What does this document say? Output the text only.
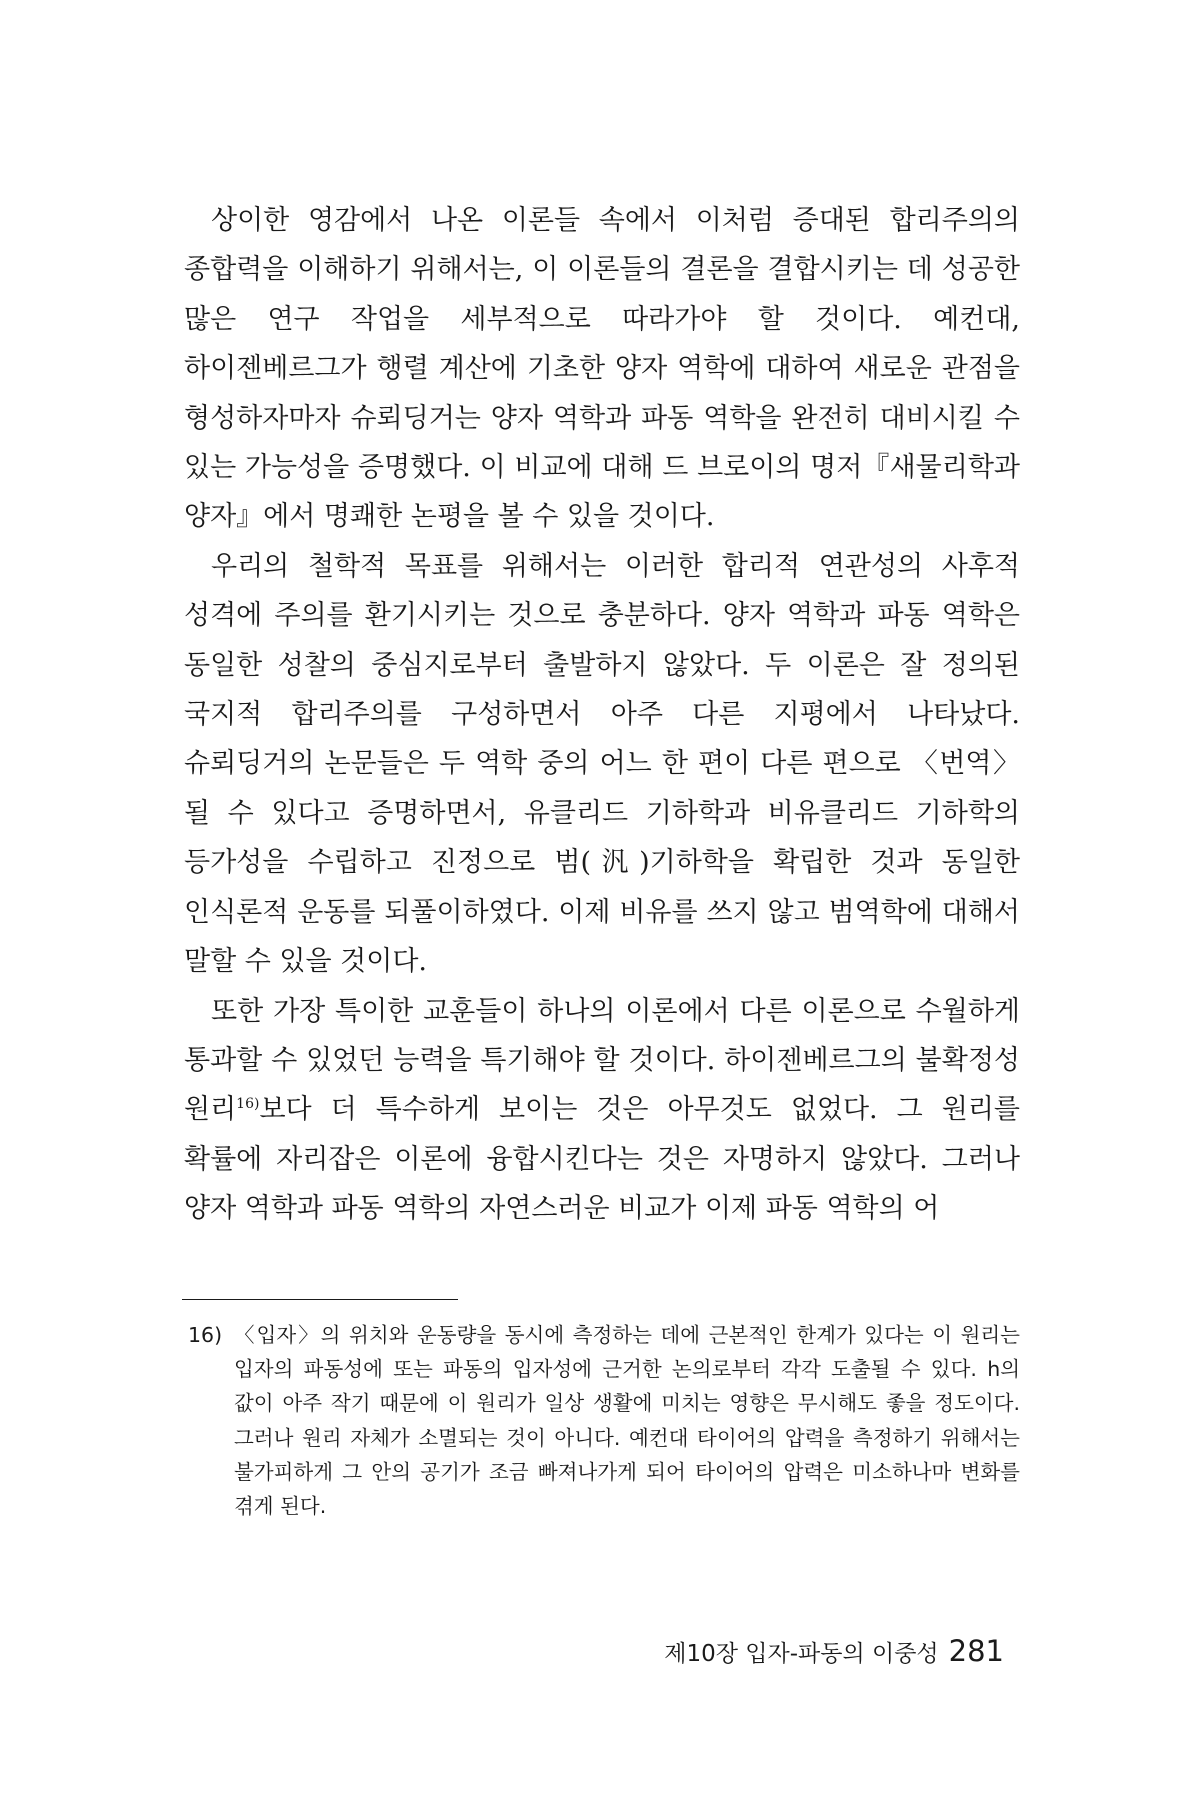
상이한 영감에서 나온 이론들 속에서 이처럼 증대된 합리주의의 종합력을 이해하기 위해서는, 이 이론들의 결론을 결합시키는 데 성공한 많은 연구 작업을 세부적으로 따라가야 할 것이다. 예컨대, 하이젠베르그가 행렬 계산에 기초한 양자 역학에 대하여 새로운 관점을 형성하자마자 슈뢰딩거는 양자 역학과 파동 역학을 완전히 대비시킬 수 있는 가능성을 증명했다. 이 비교에 대해 드 브로이의 명저『새물리학과 양자』에서 명쾌한 논평을 볼 수 있을 것이다.

우리의 철학적 목표를 위해서는 이러한 합리적 연관성의 사후적 성격에 주의를 환기시키는 것으로 충분하다. 양자 역학과 파동 역학은 동일한 성찰의 중심지로부터 출발하지 않았다. 두 이론은 잘 정의된 국지적 합리주의를 구성하면서 아주 다른 지평에서 나타났다. 슈뢰딩거의 논문들은 두 역학 중의 어느 한 편이 다른 편으로 〈번역〉될 수 있다고 증명하면서, 유클리드 기하학과 비유클리드 기하학의 등가성을 수립하고 진정으로 범(汎)기하학을 확립한 것과 동일한 인식론적 운동를 되풀이하였다. 이제 비유를 쓰지 않고 범역학에 대해서 말할 수 있을 것이다.

또한 가장 특이한 교훈들이 하나의 이론에서 다른 이론으로 수월하게 통과할 수 있었던 능력을 특기해야 할 것이다. 하이젠베르그의 불확정성 원리$^{16)}$보다 더 특수하게 보이는 것은 아무것도 없었다. 그 원리를 확률에 자리잡은 이론에 융합시킨다는 것은 자명하지 않았다. 그러나 양자 역학과 파동 역학의 자연스러운 비교가 이제 파동 역학의 어

16) 〈입자〉의 위치와 운동량을 동시에 측정하는 데에 근본적인 한계가 있다는 이 원리는 입자의 파동성에 또는 파동의 입자성에 근거한 논의로부터 각각 도출될 수 있다. h의 값이 아주 작기 때문에 이 원리가 일상 생활에 미치는 영향은 무시해도 좋을 정도이다. 그러나 원리 자체가 소멸되는 것이 아니다. 예컨대 타이어의 압력을 측정하기 위해서는 불가피하게 그 안의 공기가 조금 빠져나가게 되어 타이어의 압력은 미소하나마 변화를 겪게 된다.
제10장 입자-파동의 이중성 281
